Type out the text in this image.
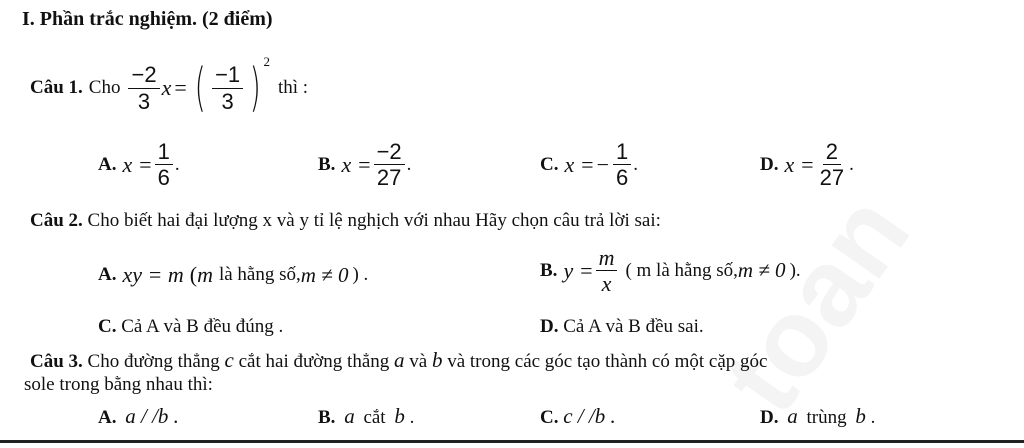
I. Phần trắc nghiệm. (2 điểm)
Câu 1. Cho $\frac{-2}{3}$ x = ( $\frac{-1}{3}$ ) 2
thì :
A. $x = \frac{1}{6}$ .	B. $x = \frac{-2}{27}$ .	C. x = − $\frac{1}{6}$ .	D. $x = \frac{2}{27}$ .
Câu 2. Cho biết hai đại lượng x và y tỉ lệ nghịch với nhau Hãy chọn câu trả lời sai:
A. xy = m ( m là hằng số, m ≠ 0 ) .	B. $y = \frac{m}{x}$ ( m là hằng số, m ≠ 0 ).
C. Cả A và B đều đúng .	D. Cả A và B đều sai.
Câu 3. Cho đường thẳng c cắt hai đường thẳng a và b và trong các góc tạo thành có một cặp góc
sole trong bằng nhau thì:
A. a / /b .	B. a cắt b .	C. c / /b .	D. a trùng b .
